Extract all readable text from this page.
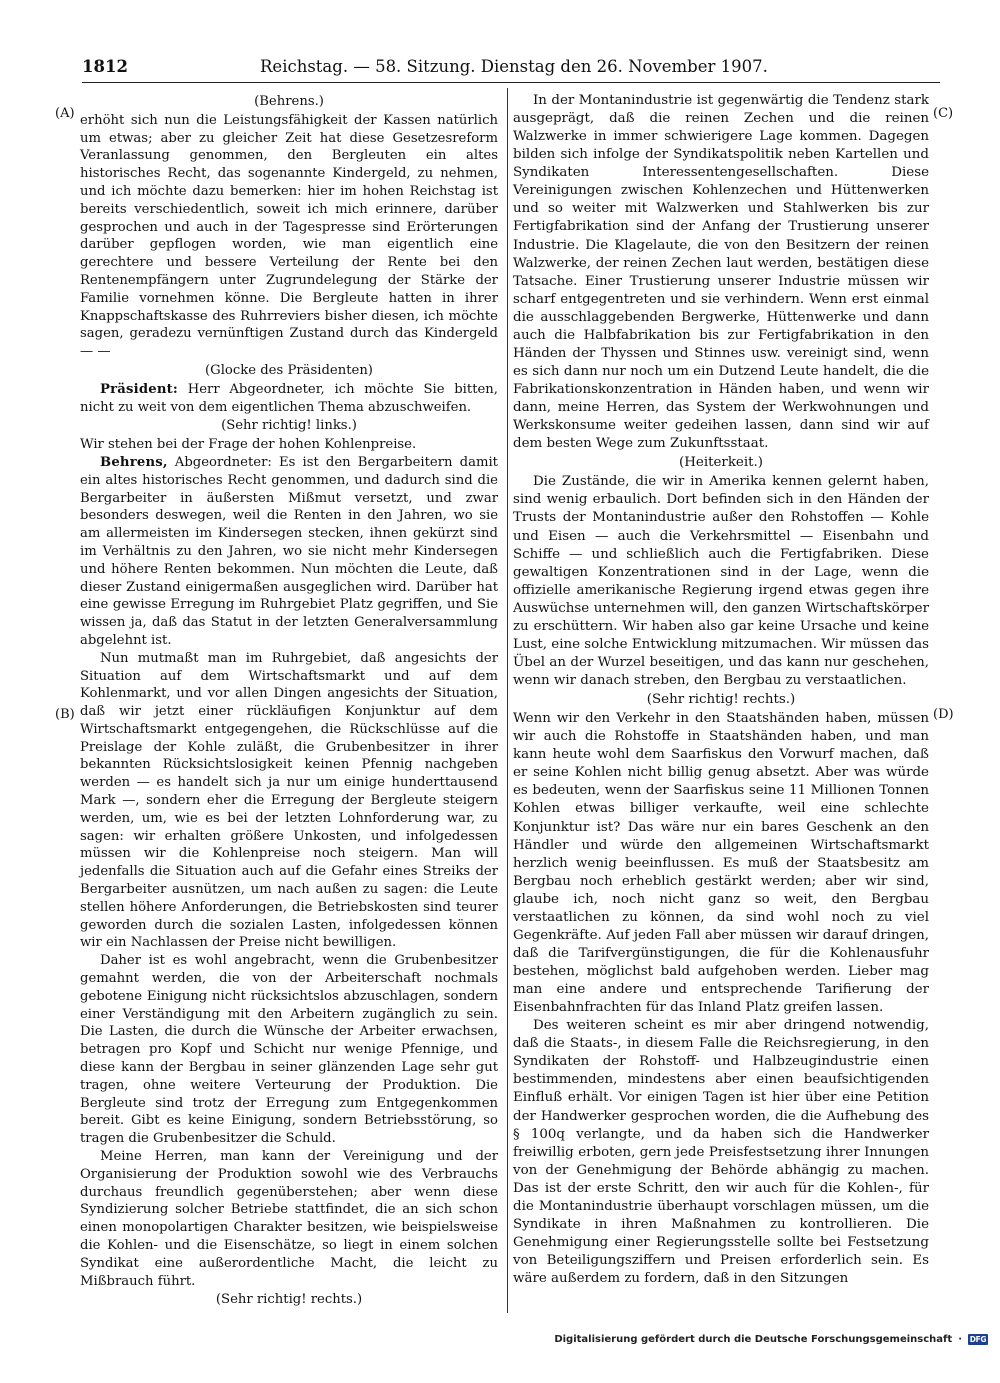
1812	Reichstag. — 58. Sitzung. Dienstag den 26. November 1907.
(A)
(B)
(C)
(D)

(Behrens.)

erhöht sich nun die Leistungsfähigkeit der Kassen natürlich um etwas; aber zu gleicher Zeit hat diese Gesetzesreform Veranlassung genommen, den Bergleuten ein altes historisches Recht, das sogenannte Kindergeld, zu nehmen, und ich möchte dazu bemerken: hier im hohen Reichstag ist bereits verschiedentlich, soweit ich mich erinnere, darüber gesprochen und auch in der Tagespresse sind Erörterungen darüber gepflogen worden, wie man eigentlich eine gerechtere und bessere Verteilung der Rente bei den Rentenempfängern unter Zugrundelegung der Stärke der Familie vornehmen könne. Die Bergleute hatten in ihrer Knappschaftskasse des Ruhrreviers bisher diesen, ich möchte sagen, geradezu vernünftigen Zustand durch das Kindergeld — —

(Glocke des Präsidenten)

Präsident: Herr Abgeordneter, ich möchte Sie bitten, nicht zu weit von dem eigentlichen Thema abzuschweifen.

(Sehr richtig! links.)

Wir stehen bei der Frage der hohen Kohlenpreise.

Behrens, Abgeordneter: Es ist den Bergarbeitern damit ein altes historisches Recht genommen, und dadurch sind die Bergarbeiter in äußersten Mißmut versetzt, und zwar besonders deswegen, weil die Renten in den Jahren, wo sie am allermeisten im Kindersegen stecken, ihnen gekürzt sind im Verhältnis zu den Jahren, wo sie nicht mehr Kindersegen und höhere Renten bekommen. Nun möchten die Leute, daß dieser Zustand einigermaßen ausgeglichen wird. Darüber hat eine gewisse Erregung im Ruhrgebiet Platz gegriffen, und Sie wissen ja, daß das Statut in der letzten Generalversammlung abgelehnt ist.

Nun mutmaßt man im Ruhrgebiet, daß angesichts der Situation auf dem Wirtschaftsmarkt und auf dem Kohlenmarkt, und vor allen Dingen angesichts der Situation, daß wir jetzt einer rückläufigen Konjunktur auf dem Wirtschaftsmarkt entgegengehen, die Rückschlüsse auf die Preislage der Kohle zuläßt, die Grubenbesitzer in ihrer bekannten Rücksichtslosigkeit keinen Pfennig nachgeben werden — es handelt sich ja nur um einige hunderttausend Mark —, sondern eher die Erregung der Bergleute steigern werden, um, wie es bei der letzten Lohnforderung war, zu sagen: wir erhalten größere Unkosten, und infolgedessen müssen wir die Kohlenpreise noch steigern. Man will jedenfalls die Situation auch auf die Gefahr eines Streiks der Bergarbeiter ausnützen, um nach außen zu sagen: die Leute stellen höhere Anforderungen, die Betriebskosten sind teurer geworden durch die sozialen Lasten, infolgedessen können wir ein Nachlassen der Preise nicht bewilligen.

Daher ist es wohl angebracht, wenn die Grubenbesitzer gemahnt werden, die von der Arbeiterschaft nochmals gebotene Einigung nicht rücksichtslos abzuschlagen, sondern einer Verständigung mit den Arbeitern zugänglich zu sein. Die Lasten, die durch die Wünsche der Arbeiter erwachsen, betragen pro Kopf und Schicht nur wenige Pfennige, und diese kann der Bergbau in seiner glänzenden Lage sehr gut tragen, ohne weitere Verteurung der Produktion. Die Bergleute sind trotz der Erregung zum Entgegenkommen bereit. Gibt es keine Einigung, sondern Betriebsstörung, so tragen die Grubenbesitzer die Schuld.

Meine Herren, man kann der Vereinigung und der Organisierung der Produktion sowohl wie des Verbrauchs durchaus freundlich gegenüberstehen; aber wenn diese Syndizierung solcher Betriebe stattfindet, die an sich schon einen monopolartigen Charakter besitzen, wie beispielsweise die Kohlen- und die Eisenschätze, so liegt in einem solchen Syndikat eine außerordentliche Macht, die leicht zu Mißbrauch führt.

(Sehr richtig! rechts.)

In der Montanindustrie ist gegenwärtig die Tendenz stark ausgeprägt, daß die reinen Zechen und die reinen Walzwerke in immer schwierigere Lage kommen. Dagegen bilden sich infolge der Syndikatspolitik neben Kartellen und Syndikaten Interessentengesellschaften. Diese Vereinigungen zwischen Kohlenzechen und Hüttenwerken und so weiter mit Walzwerken und Stahlwerken bis zur Fertigfabrikation sind der Anfang der Trustierung unserer Industrie. Die Klagelaute, die von den Besitzern der reinen Walzwerke, der reinen Zechen laut werden, bestätigen diese Tatsache. Einer Trustierung unserer Industrie müssen wir scharf entgegentreten und sie verhindern. Wenn erst einmal die ausschlaggebenden Bergwerke, Hüttenwerke und dann auch die Halbfabrikation bis zur Fertigfabrikation in den Händen der Thyssen und Stinnes usw. vereinigt sind, wenn es sich dann nur noch um ein Dutzend Leute handelt, die die Fabrikationskonzentration in Händen haben, und wenn wir dann, meine Herren, das System der Werkwohnungen und Werkskonsume weiter gedeihen lassen, dann sind wir auf dem besten Wege zum Zukunftsstaat.

(Heiterkeit.)

Die Zustände, die wir in Amerika kennen gelernt haben, sind wenig erbaulich. Dort befinden sich in den Händen der Trusts der Montanindustrie außer den Rohstoffen — Kohle und Eisen — auch die Verkehrsmittel — Eisenbahn und Schiffe — und schließlich auch die Fertigfabriken. Diese gewaltigen Konzentrationen sind in der Lage, wenn die offizielle amerikanische Regierung irgend etwas gegen ihre Auswüchse unternehmen will, den ganzen Wirtschaftskörper zu erschüttern. Wir haben also gar keine Ursache und keine Lust, eine solche Entwicklung mitzumachen. Wir müssen das Übel an der Wurzel beseitigen, und das kann nur geschehen, wenn wir danach streben, den Bergbau zu verstaatlichen.

(Sehr richtig! rechts.)

Wenn wir den Verkehr in den Staatshänden haben, müssen wir auch die Rohstoffe in Staatshänden haben, und man kann heute wohl dem Saarfiskus den Vorwurf machen, daß er seine Kohlen nicht billig genug absetzt. Aber was würde es bedeuten, wenn der Saarfiskus seine 11 Millionen Tonnen Kohlen etwas billiger verkaufte, weil eine schlechte Konjunktur ist? Das wäre nur ein bares Geschenk an den Händler und würde den allgemeinen Wirtschaftsmarkt herzlich wenig beeinflussen. Es muß der Staatsbesitz am Bergbau noch erheblich gestärkt werden; aber wir sind, glaube ich, noch nicht ganz so weit, den Bergbau verstaatlichen zu können, da sind wohl noch zu viel Gegenkräfte. Auf jeden Fall aber müssen wir darauf dringen, daß die Tarifvergünstigungen, die für die Kohlenausfuhr bestehen, möglichst bald aufgehoben werden. Lieber mag man eine andere und entsprechende Tarifierung der Eisenbahnfrachten für das Inland Platz greifen lassen.

Des weiteren scheint es mir aber dringend notwendig, daß die Staats-, in diesem Falle die Reichsregierung, in den Syndikaten der Rohstoff- und Halbzeugindustrie einen bestimmenden, mindestens aber einen beaufsichtigenden Einfluß erhält. Vor einigen Tagen ist hier über eine Petition der Handwerker gesprochen worden, die die Aufhebung des § 100q verlangte, und da haben sich die Handwerker freiwillig erboten, gern jede Preisfestsetzung ihrer Innungen von der Genehmigung der Behörde abhängig zu machen. Das ist der erste Schritt, den wir auch für die Kohlen-, für die Montanindustrie überhaupt vorschlagen müssen, um die Syndikate in ihren Maßnahmen zu kontrollieren. Die Genehmigung einer Regierungsstelle sollte bei Festsetzung von Beteiligungsziffern und Preisen erforderlich sein. Es wäre außerdem zu fordern, daß in den Sitzungen

Digitalisierung gefördert durch die Deutsche Forschungsgemeinschaft · DFG
